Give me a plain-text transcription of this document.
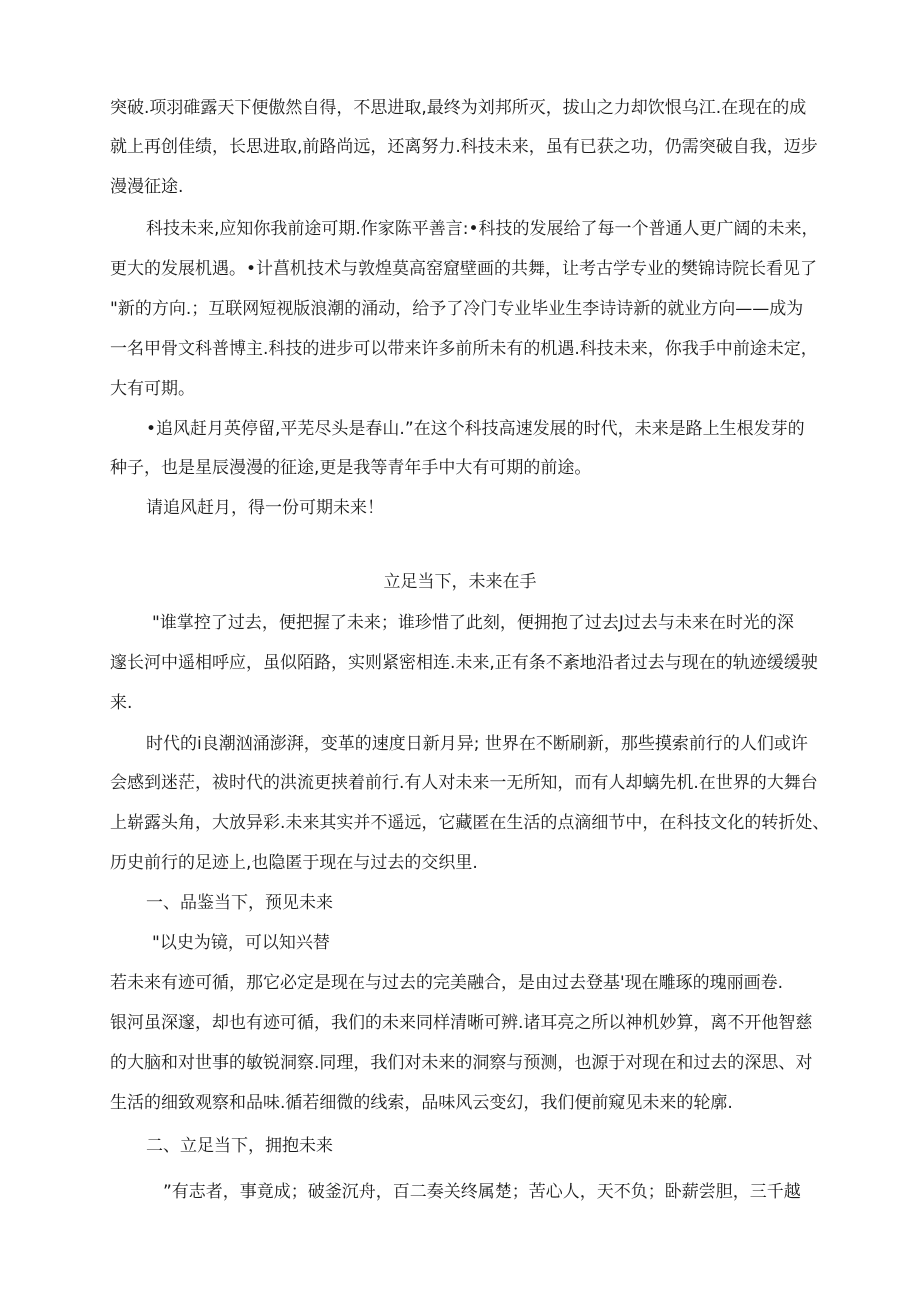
突破.项羽碓露天下便傲然自得，不思进取,最终为刘邦所灭，拔山之力却饮恨乌江.在现在的成
就上再创佳绩，长思进取,前路尚远，还离努力.科技未来，虽有已获之功，仍需突破自我，迈步
漫漫征途.
科技未来,应知你我前途可期.作家陈平善言:•科技的发展给了每一个普通人更广阔的未来，
更大的发展机遇。•计菖机技术与敦煌莫高窑窟壁画的共舞，让考古学专业的樊锦诗院长看见了
"新的方向.；互联网短视版浪潮的涌动，给予了冷门专业毕业生李诗诗新的就业方向——成为
一名甲骨文科普博主.科技的进步可以带来许多前所未有的机遇.科技未来，你我手中前途未定，
大有可期。
•追风赶月英停留,平芜尽头是春山.”在这个科技高速发展的时代，未来是路上生根发芽的
种子，也是星辰漫漫的征途,更是我等青年手中大有可期的前途。
请追风赶月，得一份可期未来！
立足当下，未来在手
"谁掌控了过去，便把握了未来；谁珍惜了此刻，便拥抱了过去J过去与未来在时光的深
邃长河中遥相呼应，虽似陌路，实则紧密相连.未来,正有条不紊地沿者过去与现在的轨迹缓缓驶
来.
时代的i良潮汹涌澎湃，变革的速度日新月异; 世界在不断刷新，那些摸索前行的人们或许
会感到迷茫，祓时代的洪流更挟着前行.有人对未来一无所知，而有人却螭先机.在世界的大舞台
上崭露头角，大放异彩.未来其实并不遥远，它藏匿在生活的点滴细节中，在科技文化的转折处、
历史前行的足迹上,也隐匿于现在与过去的交织里.
一、品鉴当下，预见未来
"以史为镜，可以知兴替
若未来有迹可循，那它必定是现在与过去的完美融合，是由过去登基'现在雕琢的瑰丽画卷.
银河虽深邃，却也有迹可循，我们的未来同样清晰可辨.诸耳亮之所以神机妙算，离不开他智慈
的大脑和对世事的敏锐洞察.同理，我们对未来的洞察与预测，也源于对现在和过去的深思、对
生活的细致观察和品味.循若细微的线索，品味风云变幻，我们便前窥见未来的轮廓.
二、立足当下，拥抱未来
”有志者，事竟成；破釜沉舟，百二奏关终属楚；苦心人，天不负；卧薪尝胆，三千越
